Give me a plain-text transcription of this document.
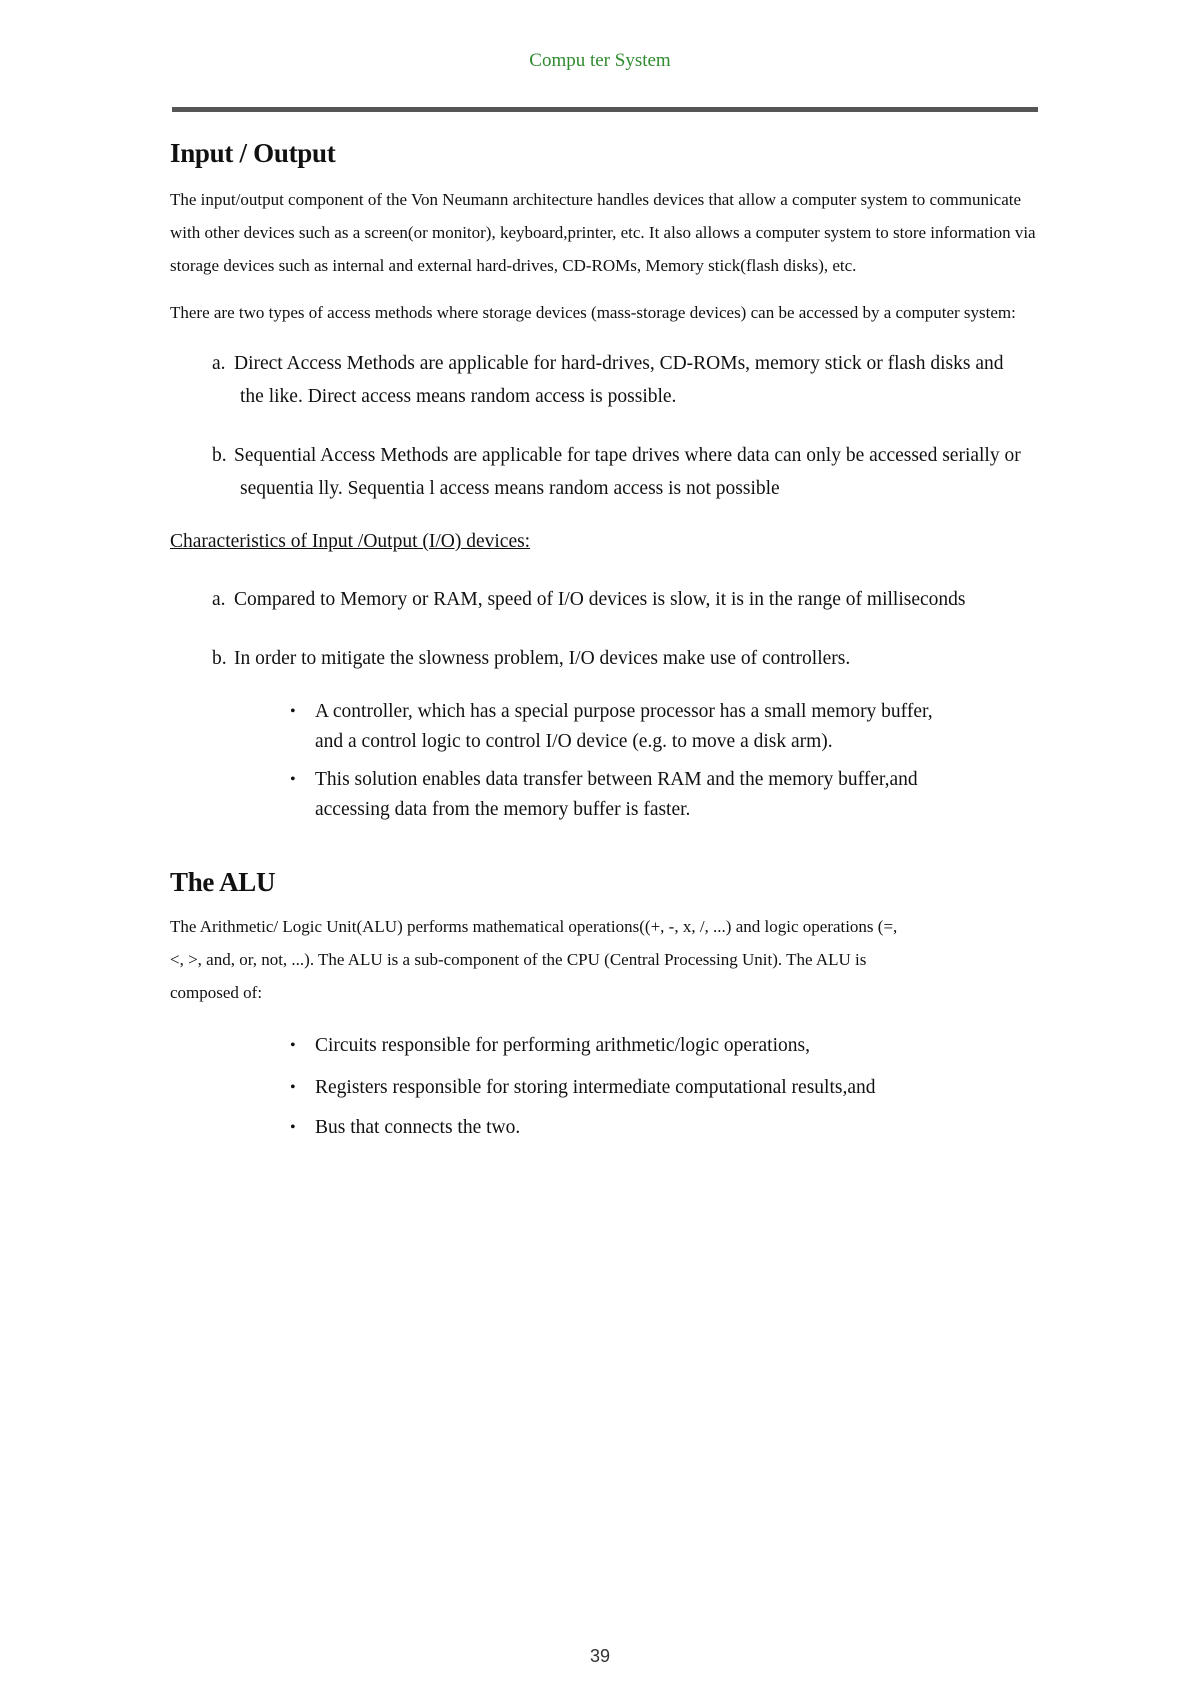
Compu ter System
Input / Output

The input/output component of the Von Neumann architecture handles devices that allow a computer system to communicate with other devices such as a screen(or monitor), keyboard,printer, etc. It also allows a computer system to store information via storage devices such as internal and external hard-drives, CD-ROMs, Memory stick(flash disks), etc.

There are two types of access methods where storage devices (mass-storage devices) can be accessed by a computer system:

a. Direct Access Methods are applicable for hard-drives, CD-ROMs, memory stick or flash disks and the like. Direct access means random access is possible.
b. Sequential Access Methods are applicable for tape drives where data can only be accessed serially or sequentia lly. Sequentia l access means random access is not possible

Characteristics of Input /Output (I/O) devices:

a. Compared to Memory or RAM, speed of I/O devices is slow, it is in the range of milliseconds
b. In order to mitigate the slowness problem, I/O devices make use of controllers.
• A controller, which has a special purpose processor has a small memory buffer, and a control logic to control I/O device (e.g. to move a disk arm).
• This solution enables data transfer between RAM and the memory buffer,and accessing data from the memory buffer is faster.
The ALU

The Arithmetic/ Logic Unit(ALU) performs mathematical operations((+, -, x, /, ...) and logic operations (=, <, >, and, or, not, ...). The ALU is a sub-component of the CPU (Central Processing Unit). The ALU is composed of:

• Circuits responsible for performing arithmetic/logic operations,
• Registers responsible for storing intermediate computational results,and
• Bus that connects the two.
39
